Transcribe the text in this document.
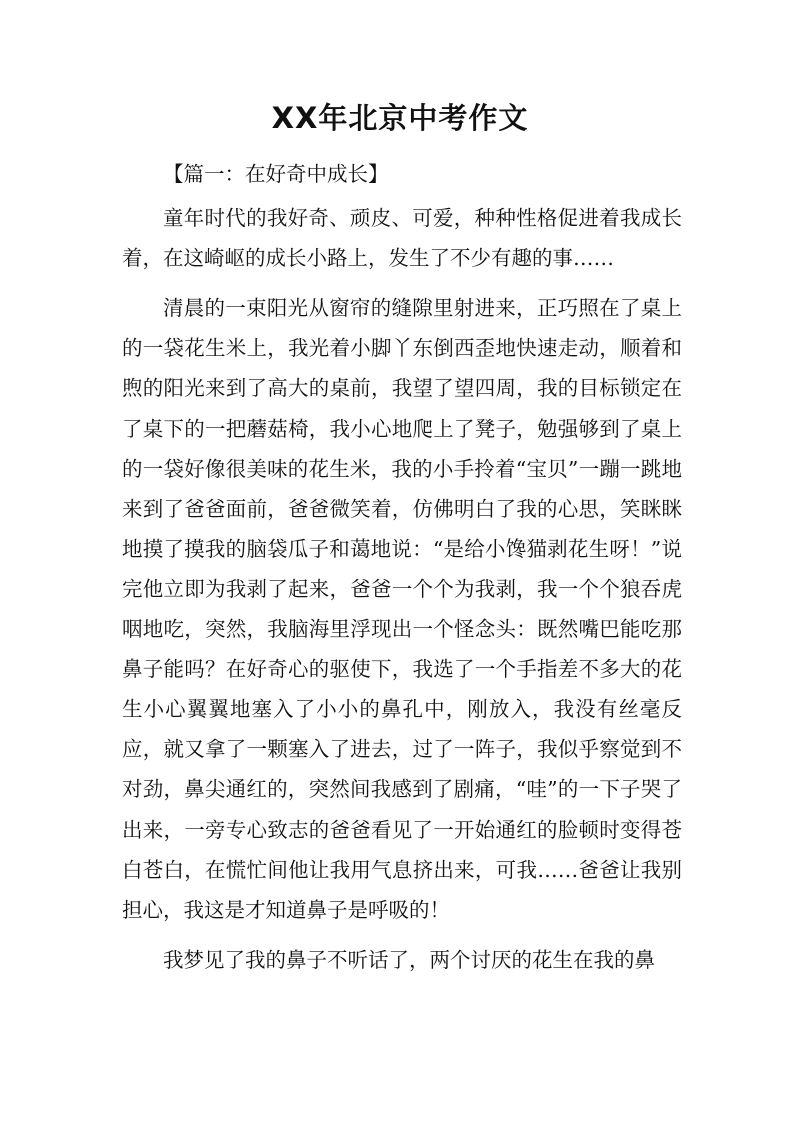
XX年北京中考作文

【篇一：在好奇中成长】

童年时代的我好奇、顽皮、可爱，种种性格促进着我成长着，在这崎岖的成长小路上，发生了不少有趣的事……

清晨的一束阳光从窗帘的缝隙里射进来，正巧照在了桌上的一袋花生米上，我光着小脚丫东倒西歪地快速走动，顺着和煦的阳光来到了高大的桌前，我望了望四周，我的目标锁定在了桌下的一把蘑菇椅，我小心地爬上了凳子，勉强够到了桌上的一袋好像很美味的花生米，我的小手拎着“宝贝”一蹦一跳地来到了爸爸面前，爸爸微笑着，仿佛明白了我的心思，笑眯眯地摸了摸我的脑袋瓜子和蔼地说：“是给小馋猫剥花生呀！”说完他立即为我剥了起来，爸爸一个个为我剥，我一个个狼吞虎咽地吃，突然，我脑海里浮现出一个怪念头：既然嘴巴能吃那鼻子能吗？在好奇心的驱使下，我选了一个手指差不多大的花生小心翼翼地塞入了小小的鼻孔中，刚放入，我没有丝毫反应，就又拿了一颗塞入了进去，过了一阵子，我似乎察觉到不对劲，鼻尖通红的，突然间我感到了剧痛，“哇”的一下子哭了出来，一旁专心致志的爸爸看见了一开始通红的脸顿时变得苍白苍白，在慌忙间他让我用气息挤出来，可我……爸爸让我别担心，我这是才知道鼻子是呼吸的！

我梦见了我的鼻子不听话了，两个讨厌的花生在我的鼻
